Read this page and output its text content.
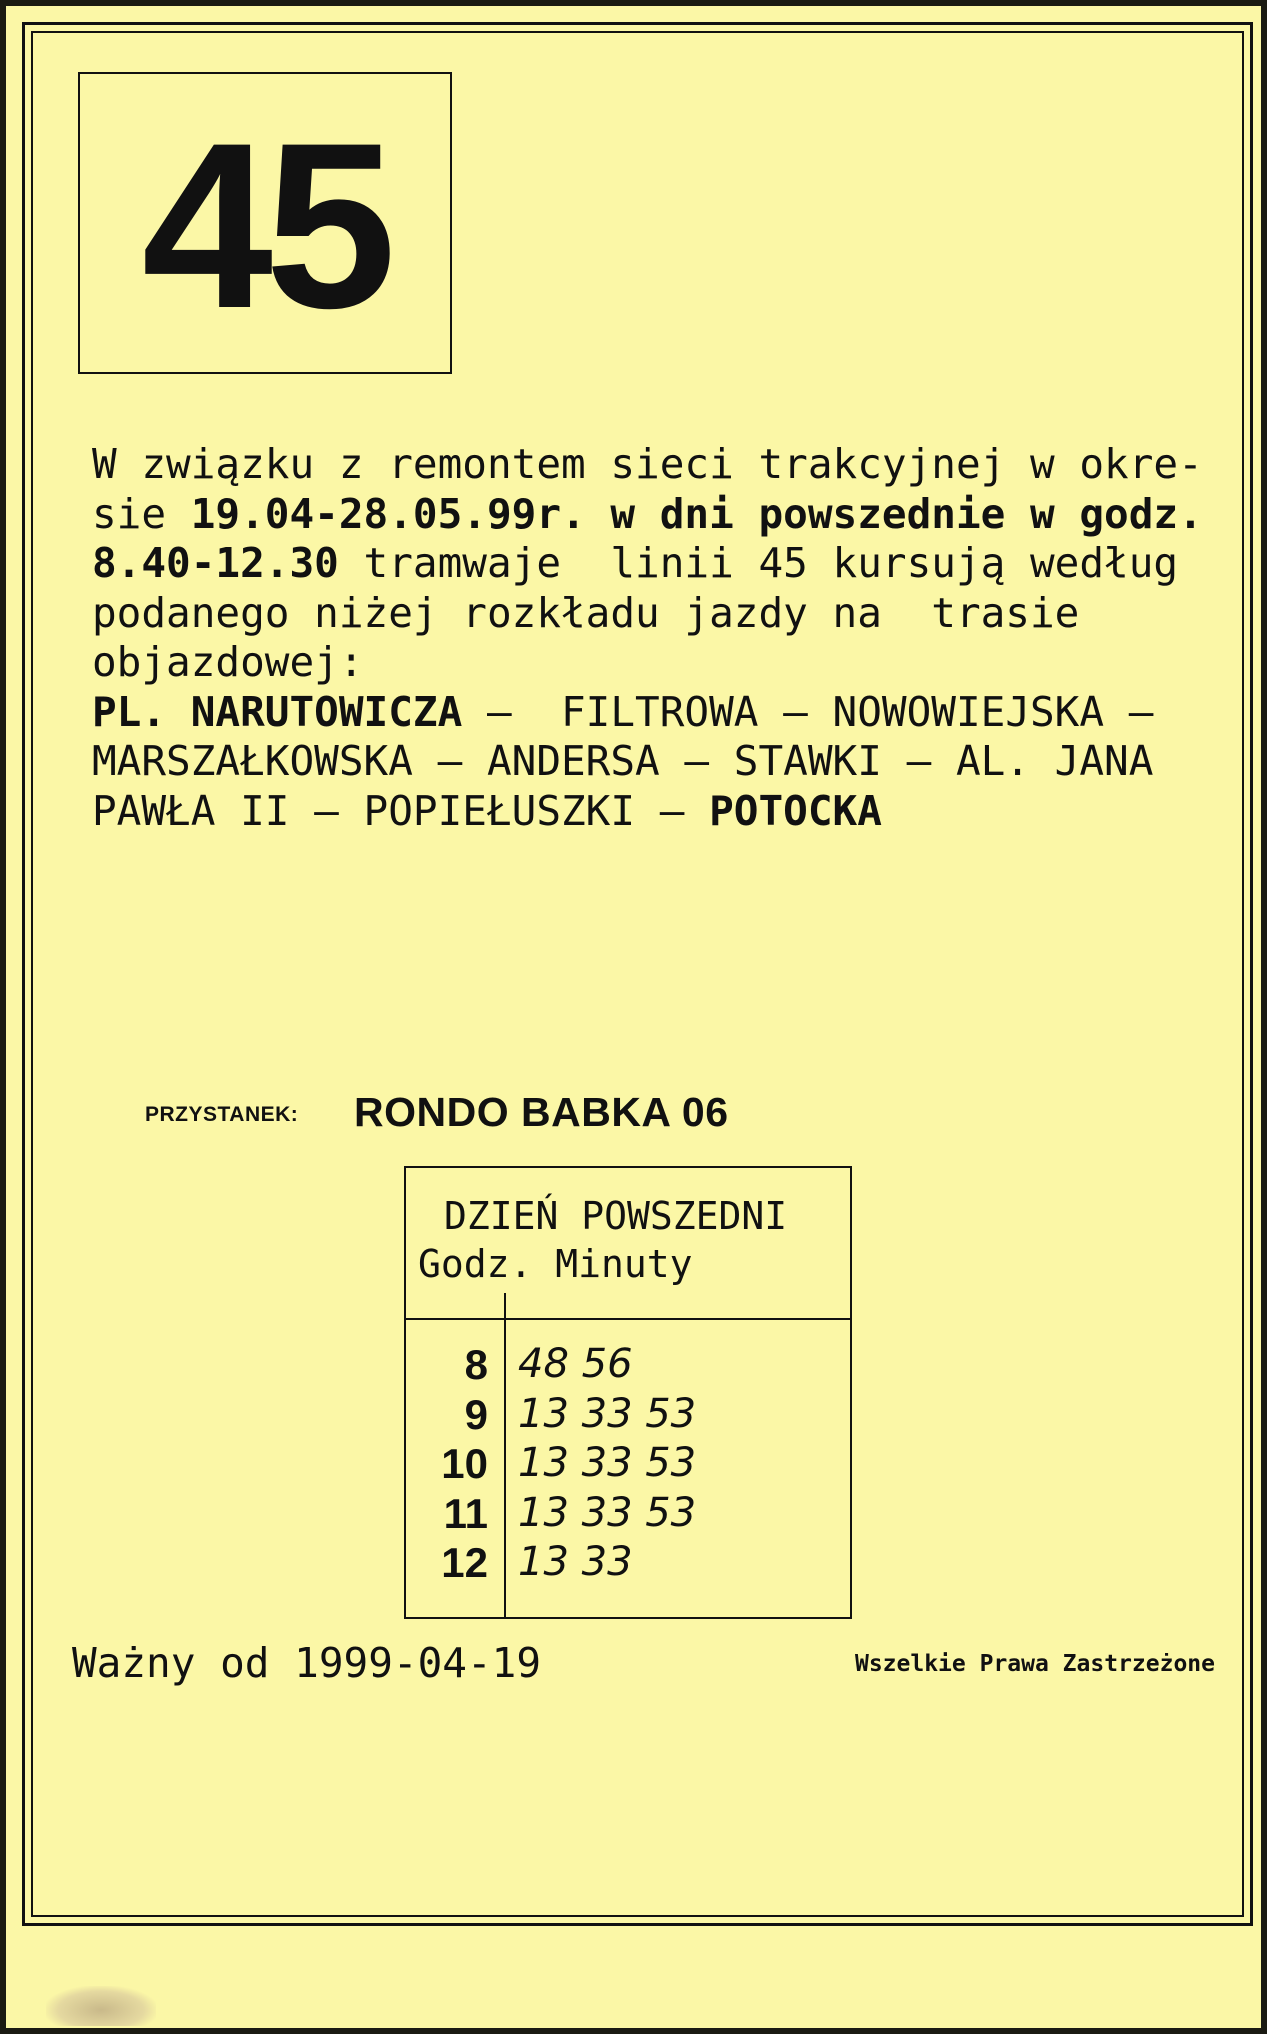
45
W związku z remontem sieci trakcyjnej w okre-
sie 19.04-28.05.99r. w dni powszednie w godz.
8.40-12.30 tramwaje  linii 45 kursują według
podanego niżej rozkładu jazdy na  trasie
objazdowej:
PL. NARUTOWICZA –  FILTROWA – NOWOWIEJSKA –
MARSZAŁKOWSKA – ANDERSA – STAWKI – AL. JANA
PAWŁA II – POPIEŁUSZKI – POTOCKA
PRZYSTANEK: RONDO BABKA 06
DZIEŃ POWSZEDNI
Godz. Minuty
8 48 56
9 13 33 53
10 13 33 53
11 13 33 53
12 13 33
Ważny od 1999-04-19	Wszelkie Prawa Zastrzeżone
